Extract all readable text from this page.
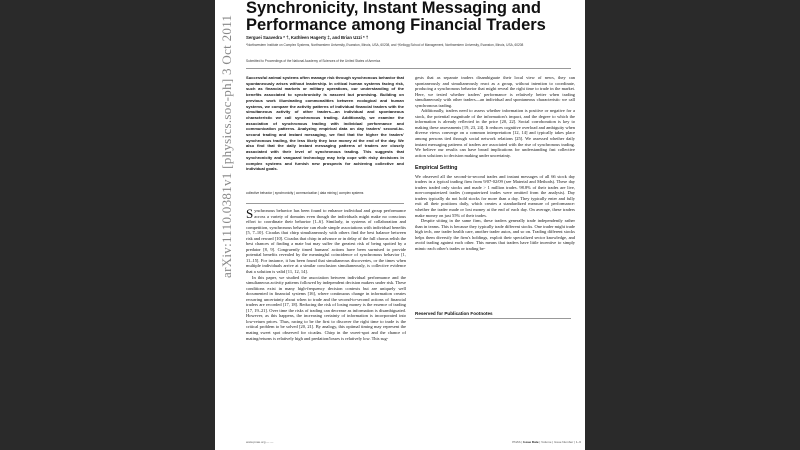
arXiv:1110.0381v1 [physics.soc-ph] 3 Oct 2011
Synchronicity, Instant Messaging and Performance among Financial Traders
Serguei Saavedra * †, Kathleen Hagerty ‡, and Brian Uzzi * †
*Northwestern Institute on Complex Systems, Northwestern University, Evanston, Illinois, USA, 60208, and †Kellogg School of Management, Northwestern University, Evanston, Illinois, USA, 60208
Submitted to Proceedings of the National Academy of Sciences of the United States of America
Successful animal systems often manage risk through synchronous behavior that spontaneously arises without leadership. In critical human systems facing risk, such as financial markets or military operations, our understanding of the benefits associated to synchronicity is nascent but promising. Building on previous work illuminating commonalities between ecological and human systems, we compare the activity patterns of individual financial traders with the simultaneous activity of other traders—an individual and spontaneous characteristic we call synchronous trading. Additionally, we examine the association of synchronous trading with individual performance and communication patterns. Analyzing empirical data on day traders' second-to-second trading and instant messaging, we find that the higher the traders' synchronous trading, the less likely they lose money at the end of the day. We also find that the daily instant messaging patterns of traders are closely associated with their level of synchronous trading. This suggests that synchronicity and vanguard technology may help cope with risky decisions in complex systems and furnish new prospects for achieving collective and individual goals.
collective behavior | synchronicity | communication | data mining | complex systems

Synchronous behavior has been found to enhance individual and group performance across a variety of domains even though the individuals might make no conscious effort to coordinate their behavior [1–6]. Similarly, in systems of collaboration and competition, synchronous behavior can elude simple associations with individual benefits [5, 7–10]. Cicadas that chirp simultaneously with others find the best balance between risk and reward [10]. Cicadas that chirp in advance or in delay of the full chorus relish the best chances of finding a mate but may suffer the greatest risk of being spotted by a predator [8, 9]. Congruently timed humans' actions have been surmised to provide potential benefits revealed by the meaningful coincidence of synchronous behavior [1, 11–15]. For instance, it has been found that simultaneous discoveries, or the times when multiple individuals arrive at a similar conclusion simultaneously, is collective evidence that a solution is valid [11, 12, 14].

In this paper, we studied the association between individual performance and the simultaneous activity patterns followed by independent decision makers under risk. These conditions exist in many high-frequency decision contexts but are uniquely well documented in financial systems [16], where continuous change in information creates recurring uncertainty about when to trade and the second-to-second actions of financial traders are recorded [17, 18]. Reducing the risk of losing money is the essence of trading [17, 19–21]. Over time the risks of trading can decrease as information is disambiguated. However, as this happens, the increasing certainty of information is incorporated into low-return prices. Thus, racing to be the first to discover the right time to trade is the critical problem to be solved [20, 21]. By analogy, this optimal timing may represent the mating sweet spot observed for cicadas. Chirp in the sweet-spot and the chance of mating/returns is relatively high and predation/losses is relatively low. This sug-

gests that as separate traders disambiguate their local view of news, they can spontaneously and simultaneously react as a group, without intention to coordinate, producing a synchronous behavior that might reveal the right time to trade in the market. Here, we tested whether traders' performance is relatively better when trading simultaneously with other traders—an individual and spontaneous characteristic we call synchronous trading.

Additionally, traders need to assess whether information is positive or negative for a stock, the potential magnitude of the information's impact, and the degree to which the information is already reflected in the price [20, 22]. Social corroboration is key to making these assessments [19, 23, 24]. It reduces cognitive overload and ambiguity when diverse views converge on a common interpretation [12, 14] and typically takes place among persons tied through social network relations [25]. We assessed whether daily instant messaging patterns of traders are associated with the rise of synchronous trading. We believe our results can have broad implications for understanding fast collective action solutions to decision making under uncertainty.

Empirical Setting

We observed all the second-to-second trades and instant messages of all 66 stock day traders in a typical trading firm from 9/07-02/09 (see Material and Methods). These day traders traded only stocks and made > 1 million trades. 98.8% of their trades are live, non-computerized trades (computerized trades were omitted from the analysis). Day traders typically do not hold stocks for more than a day. They typically enter and fully exit all their positions daily, which creates a standardized measure of performance: whether the trader made or lost money at the end of each day. On average, these traders make money on just 55% of their trades.

Despite sitting in the same firm, these traders generally trade independently rather than in teams. This is because they typically trade different stocks. One trader might trade high tech, one trader health care, another trader autos, and so on. Trading different stocks helps them diversify the firm's holdings, exploit their specialized sector knowledge, and avoid trading against each other. This means that traders have little incentive to simply mimic each other's trades or trading be-

Reserved for Publication Footnotes
www.pnas.org — —	PNAS | Issue Date | Volume | Issue Number | 1–6
